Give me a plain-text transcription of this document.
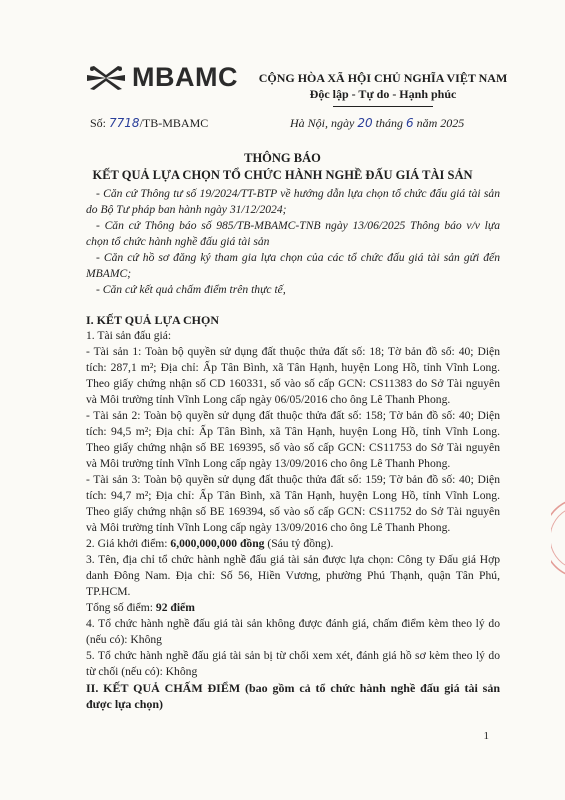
MBAMC	CỘNG HÒA XÃ HỘI CHỦ NGHĨA VIỆT NAM
Độc lập - Tự do - Hạnh phúc
Số: 7718/TB-MBAMC	Hà Nội, ngày 20 tháng 6 năm 2025
THÔNG BÁO
KẾT QUẢ LỰA CHỌN TỔ CHỨC HÀNH NGHỀ ĐẤU GIÁ TÀI SẢN

- Căn cứ Thông tư số 19/2024/TT-BTP về hướng dẫn lựa chọn tổ chức đấu giá tài sản do Bộ Tư pháp ban hành ngày 31/12/2024;

- Căn cứ Thông báo số 985/TB-MBAMC-TNB ngày 13/06/2025 Thông báo v/v lựa chọn tổ chức hành nghề đấu giá tài sản

- Căn cứ hồ sơ đăng ký tham gia lựa chọn của các tổ chức đấu giá tài sản gửi đến MBAMC;

- Căn cứ kết quả chấm điểm trên thực tế,

I. KẾT QUẢ LỰA CHỌN

1. Tài sản đấu giá:

- Tài sản 1: Toàn bộ quyền sử dụng đất thuộc thửa đất số: 18; Tờ bản đồ số: 40; Diện tích: 287,1 m²; Địa chỉ: Ấp Tân Bình, xã Tân Hạnh, huyện Long Hồ, tỉnh Vĩnh Long. Theo giấy chứng nhận số CD 160331, số vào số cấp GCN: CS11383 do Sở Tài nguyên và Môi trường tỉnh Vĩnh Long cấp ngày 06/05/2016 cho ông Lê Thanh Phong.

- Tài sản 2: Toàn bộ quyền sử dụng đất thuộc thửa đất số: 158; Tờ bản đồ số: 40; Diện tích: 94,5 m²; Địa chỉ: Ấp Tân Bình, xã Tân Hạnh, huyện Long Hồ, tỉnh Vĩnh Long. Theo giấy chứng nhận số BE 169395, số vào số cấp GCN: CS11753 do Sở Tài nguyên và Môi trường tỉnh Vĩnh Long cấp ngày 13/09/2016 cho ông Lê Thanh Phong.

- Tài sản 3: Toàn bộ quyền sử dụng đất thuộc thửa đất số: 159; Tờ bản đồ số: 40; Diện tích: 94,7 m²; Địa chỉ: Ấp Tân Bình, xã Tân Hạnh, huyện Long Hồ, tỉnh Vĩnh Long. Theo giấy chứng nhận số BE 169394, số vào số cấp GCN: CS11752 do Sở Tài nguyên và Môi trường tỉnh Vĩnh Long cấp ngày 13/09/2016 cho ông Lê Thanh Phong.

2. Giá khởi điểm: 6,000,000,000 đồng (Sáu tỷ đồng).

3. Tên, địa chỉ tổ chức hành nghề đấu giá tài sản được lựa chọn: Công ty Đấu giá Hợp danh Đông Nam. Địa chỉ: Số 56, Hiền Vương, phường Phú Thạnh, quận Tân Phú, TP.HCM.

Tổng số điểm: 92 điểm

4. Tổ chức hành nghề đấu giá tài sản không được đánh giá, chấm điểm kèm theo lý do (nếu có): Không

5. Tổ chức hành nghề đấu giá tài sản bị từ chối xem xét, đánh giá hồ sơ kèm theo lý do từ chối (nếu có): Không

II. KẾT QUẢ CHẤM ĐIỂM (bao gồm cả tổ chức hành nghề đấu giá tài sản được lựa chọn)

1
